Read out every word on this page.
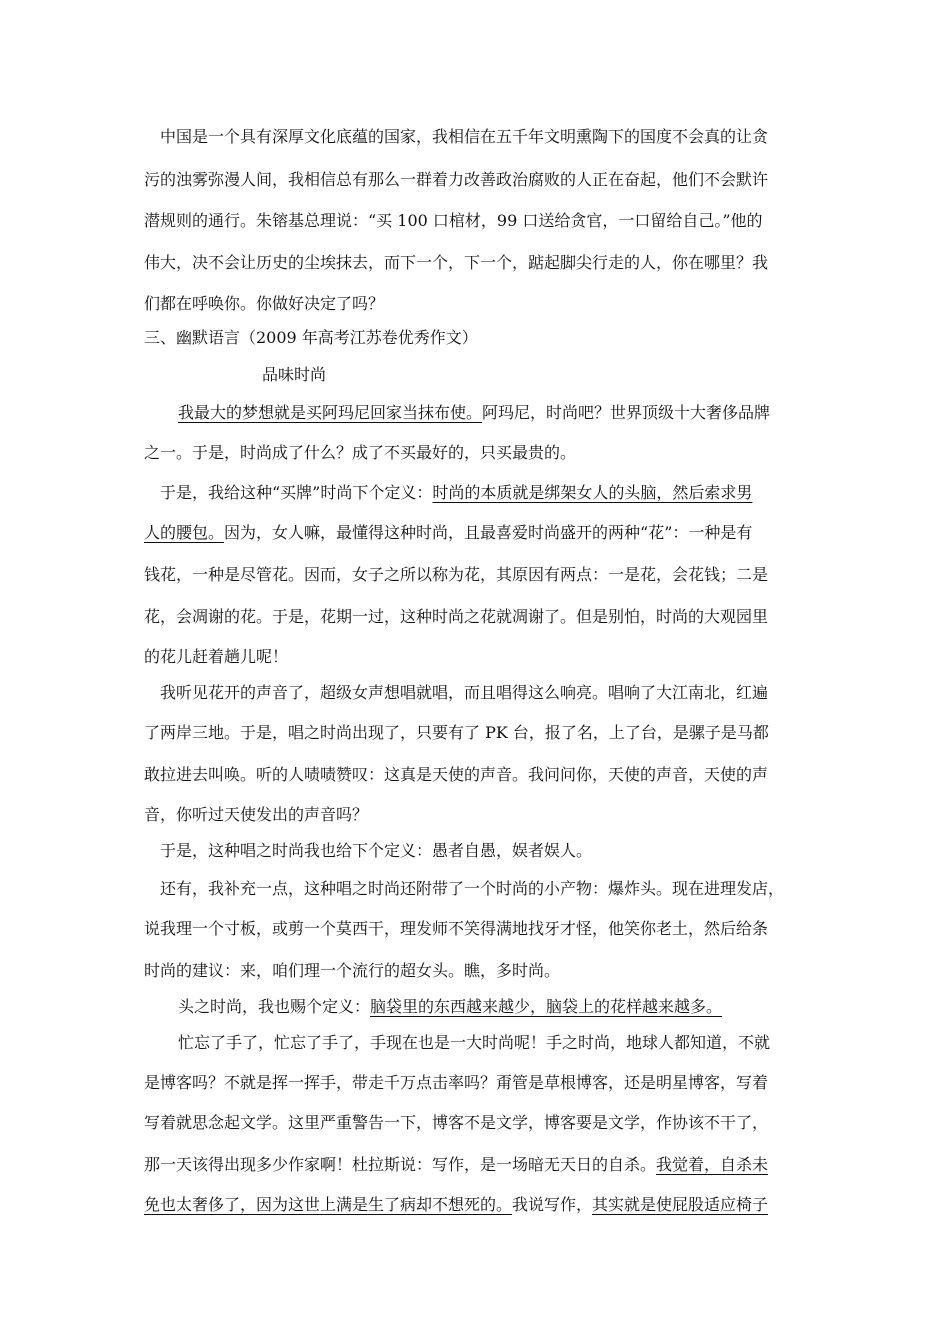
中国是一个具有深厚文化底蕴的国家，我相信在五千年文明熏陶下的国度不会真的让贪
污的浊雾弥漫人间，我相信总有那么一群着力改善政治腐败的人正在奋起，他们不会默许
潜规则的通行。朱镕基总理说：“买 100 口棺材，99 口送给贪官，一口留给自己。”他的
伟大，决不会让历史的尘埃抹去，而下一个，下一个，踮起脚尖行走的人，你在哪里？我
们都在呼唤你。你做好决定了吗？
三、幽默语言（2009 年高考江苏卷优秀作文）
品味时尚
我最大的梦想就是买阿玛尼回家当抹布使。阿玛尼，时尚吧？世界顶级十大奢侈品牌
之一。于是，时尚成了什么？成了不买最好的，只买最贵的。
于是，我给这种“买牌”时尚下个定义：时尚的本质就是绑架女人的头脑，然后索求男
人的腰包。因为，女人嘛，最懂得这种时尚，且最喜爱时尚盛开的两种“花”：一种是有
钱花，一种是尽管花。因而，女子之所以称为花，其原因有两点：一是花，会花钱；二是
花，会凋谢的花。于是，花期一过，这种时尚之花就凋谢了。但是别怕，时尚的大观园里
的花儿赶着趟儿呢！
我听见花开的声音了，超级女声想唱就唱，而且唱得这么响亮。唱响了大江南北，红遍
了两岸三地。于是，唱之时尚出现了，只要有了 PK 台，报了名，上了台，是骡子是马都
敢拉进去叫唤。听的人啧啧赞叹：这真是天使的声音。我问问你，天使的声音，天使的声
音，你听过天使发出的声音吗？
于是，这种唱之时尚我也给下个定义：愚者自愚，娱者娱人。
还有，我补充一点，这种唱之时尚还附带了一个时尚的小产物：爆炸头。现在进理发店，
说我理一个寸板，或剪一个莫西干，理发师不笑得满地找牙才怪，他笑你老土，然后给条
时尚的建议：来，咱们理一个流行的超女头。瞧，多时尚。
头之时尚，我也赐个定义：脑袋里的东西越来越少，脑袋上的花样越来越多。
忙忘了手了，忙忘了手了，手现在也是一大时尚呢！手之时尚，地球人都知道，不就
是博客吗？不就是挥一挥手，带走千万点击率吗？甭管是草根博客，还是明星博客，写着
写着就思念起文学。这里严重警告一下，博客不是文学，博客要是文学，作协该不干了，
那一天该得出现多少作家啊！杜拉斯说：写作，是一场暗无天日的自杀。我觉着，自杀未
免也太奢侈了，因为这世上满是生了病却不想死的。我说写作，其实就是使屁股适应椅子
